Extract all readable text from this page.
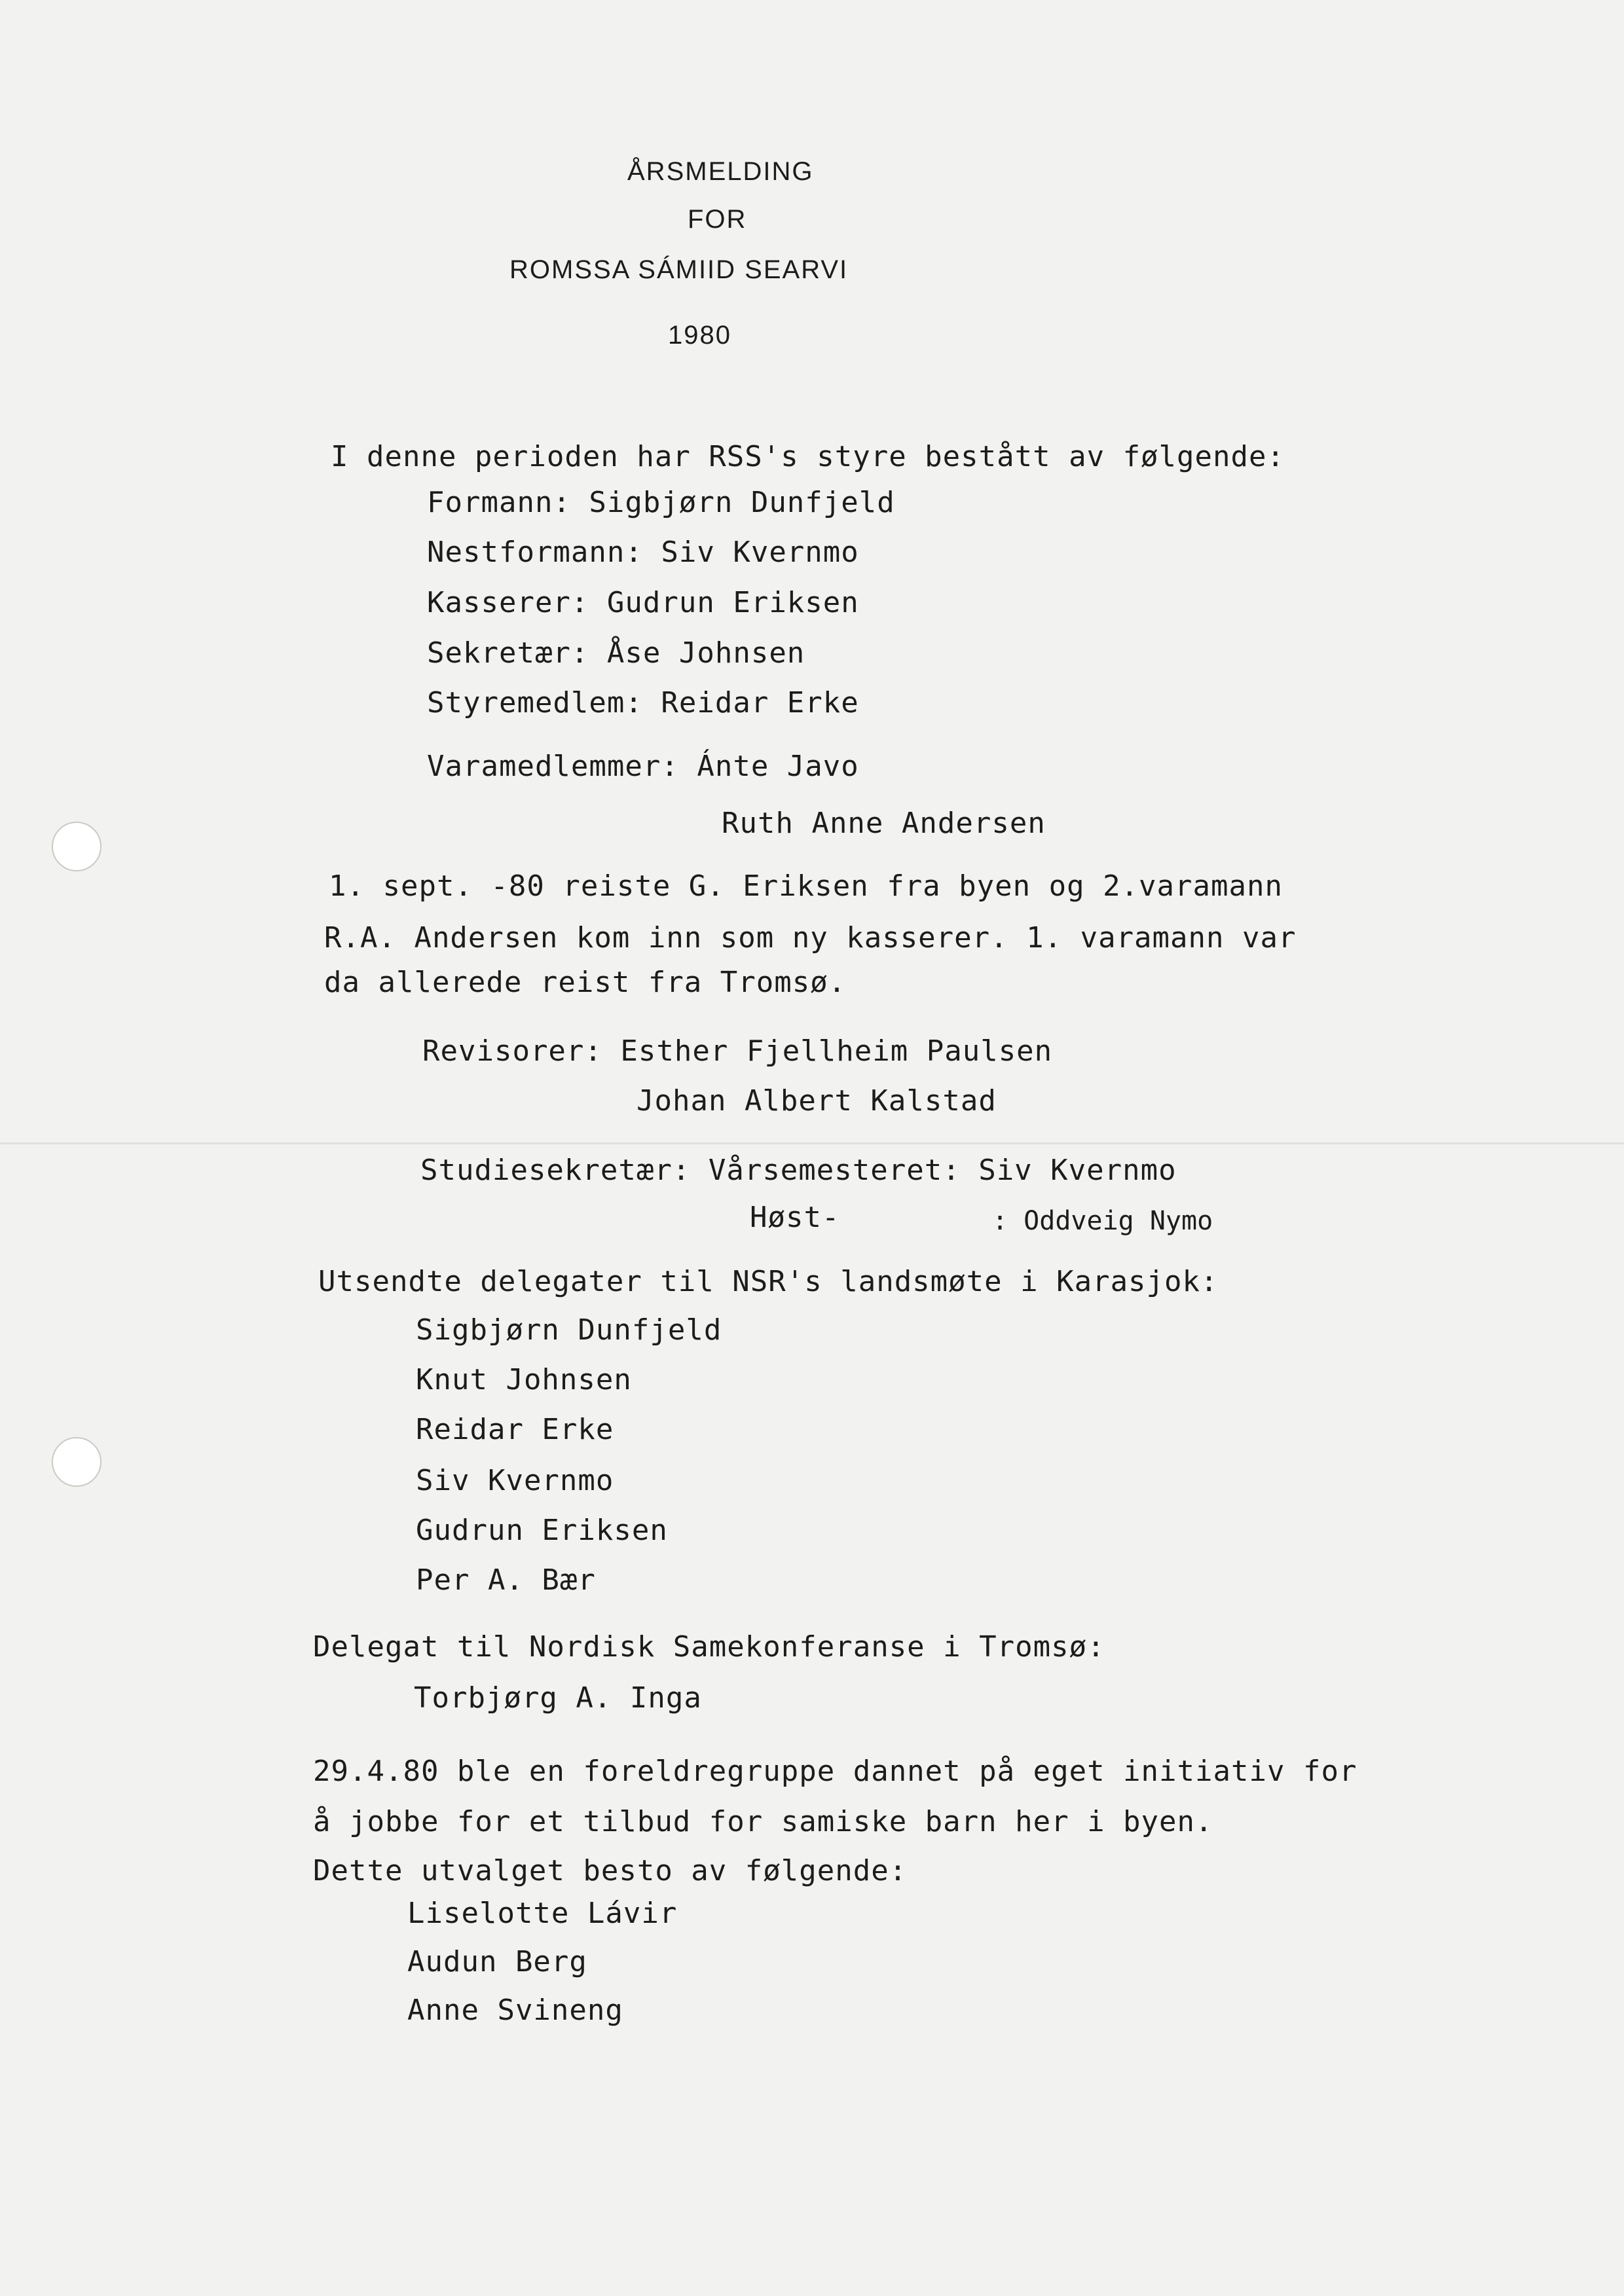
ÅRSMELDING
FOR
ROMSSA SÁMIID SEARVI
1980
I denne perioden har RSS's styre bestått av følgende:
Formann: Sigbjørn Dunfjeld
Nestformann: Siv Kvernmo
Kasserer: Gudrun Eriksen
Sekretær: Åse Johnsen
Styremedlem: Reidar Erke
Varamedlemmer: Ánte Javo
Ruth Anne Andersen
1. sept. -80 reiste G. Eriksen fra byen og 2.varamann
R.A. Andersen kom inn som ny kasserer. 1. varamann var
da allerede reist fra Tromsø.
Revisorer: Esther Fjellheim Paulsen
Johan Albert Kalstad
Studiesekretær: Vårsemesteret: Siv Kvernmo
Høst-	: Oddveig Nymo
Utsendte delegater til NSR's landsmøte i Karasjok:
Sigbjørn Dunfjeld
Knut Johnsen
Reidar Erke
Siv Kvernmo
Gudrun Eriksen
Per A. Bær
Delegat til Nordisk Samekonferanse i Tromsø:
Torbjørg A. Inga
29.4.80 ble en foreldregruppe dannet på eget initiativ for
å jobbe for et tilbud for samiske barn her i byen.
Dette utvalget besto av følgende:
Liselotte Lávir
Audun Berg
Anne Svineng
